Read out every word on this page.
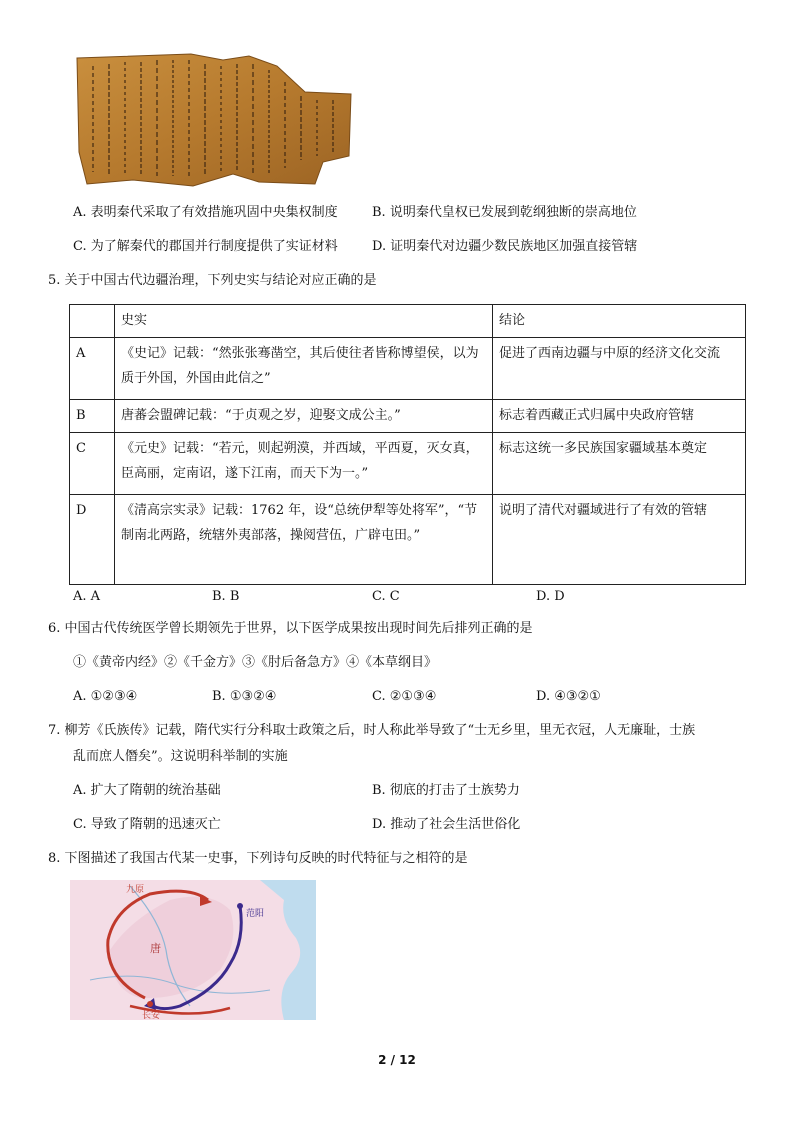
A. 表明秦代采取了有效措施巩固中央集权制度	B. 说明秦代皇权已发展到乾纲独断的崇高地位
C. 为了解秦代的郡国并行制度提供了实证材料	D. 证明秦代对边疆少数民族地区加强直接管辖
5. 关于中国古代边疆治理，下列史实与结论对应正确的是
	史实	结论
A	《史记》记载：“然张张骞凿空，其后使往者皆称博望侯，以为质于外国，外国由此信之”	促进了西南边疆与中原的经济文化交流
B	唐蕃会盟碑记载：“于贞观之岁，迎娶文成公主。”	标志着西藏正式归属中央政府管辖
C	《元史》记载：“若元，则起朔漠，并西域，平西夏，灭女真，臣高丽，定南诏，遂下江南，而天下为一。”	标志这统一多民族国家疆域基本奠定
D	《清高宗实录》记载：1762 年，设“总统伊犁等处将军”，“节制南北两路，统辖外夷部落，操阅营伍，广辟屯田。”	说明了清代对疆域进行了有效的管辖
A. A	B. B	C. C	D. D
6. 中国古代传统医学曾长期领先于世界，以下医学成果按出现时间先后排列正确的是
①《黄帝内经》②《千金方》③《肘后备急方》④《本草纲目》
A. ①②③④	B. ①③②④	C. ②①③④	D. ④③②①
7. 柳芳《氏族传》记载，隋代实行分科取士政策之后，时人称此举导致了“士无乡里，里无衣冠，人无廉耻，士族
乱而庶人僭矣”。这说明科举制的实施
A. 扩大了隋朝的统治基础	B. 彻底的打击了士族势力
C. 导致了隋朝的迅速灭亡	D. 推动了社会生活世俗化
8. 下图描述了我国古代某一史事，下列诗句反映的时代特征与之相符的是
九原
唐
长安
范阳
2 / 12
